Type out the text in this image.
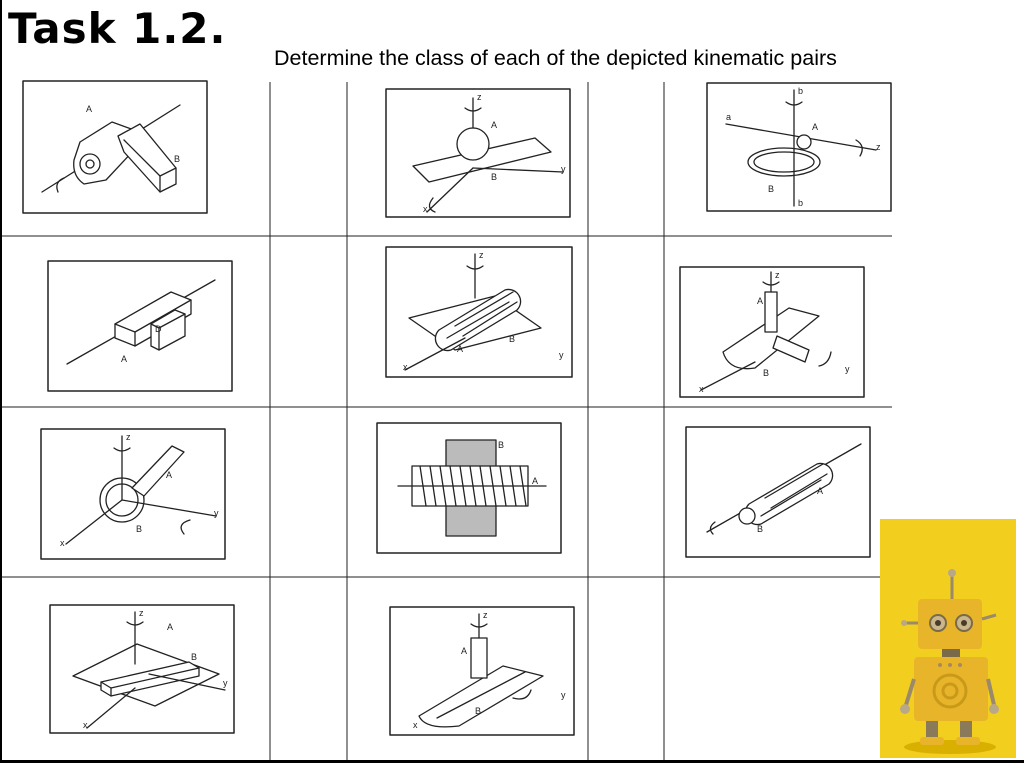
Task 1.2.
Determine the class of each of the depicted kinematic pairs
A
B
z
A
B
y
x
a
b
A
B
b
z
D
A
z
A
B
y
x
z
A
B	y
x
z
A
B
y
x
B
A
A
B
z
A
B
y
x
z
A
B
y
x
